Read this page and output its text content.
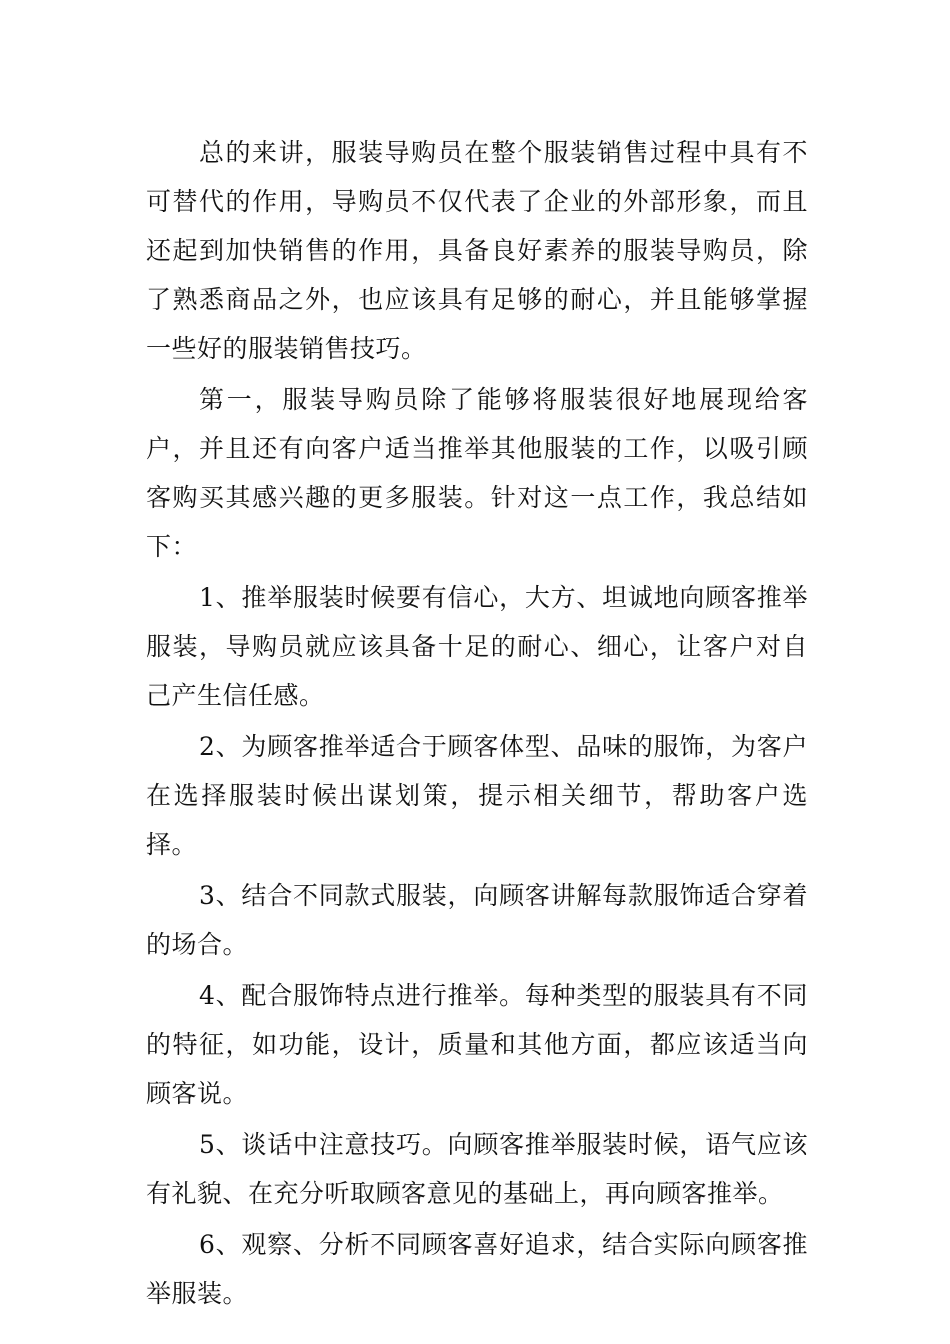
总的来讲，服装导购员在整个服装销售过程中具有不可替代的作用，导购员不仅代表了企业的外部形象，而且还起到加快销售的作用，具备良好素养的服装导购员，除了熟悉商品之外，也应该具有足够的耐心，并且能够掌握一些好的服装销售技巧。

第一，服装导购员除了能够将服装很好地展现给客户，并且还有向客户适当推举其他服装的工作，以吸引顾客购买其感兴趣的更多服装。针对这一点工作，我总结如下：

1、推举服装时候要有信心，大方、坦诚地向顾客推举服装，导购员就应该具备十足的耐心、细心，让客户对自己产生信任感。

2、为顾客推举适合于顾客体型、品味的服饰，为客户在选择服装时候出谋划策，提示相关细节，帮助客户选择。

3、结合不同款式服装，向顾客讲解每款服饰适合穿着的场合。

4、配合服饰特点进行推举。每种类型的服装具有不同的特征，如功能，设计，质量和其他方面，都应该适当向顾客说。

5、谈话中注意技巧。向顾客推举服装时候，语气应该有礼貌、在充分听取顾客意见的基础上，再向顾客推举。

6、观察、分析不同顾客喜好追求，结合实际向顾客推举服装。
